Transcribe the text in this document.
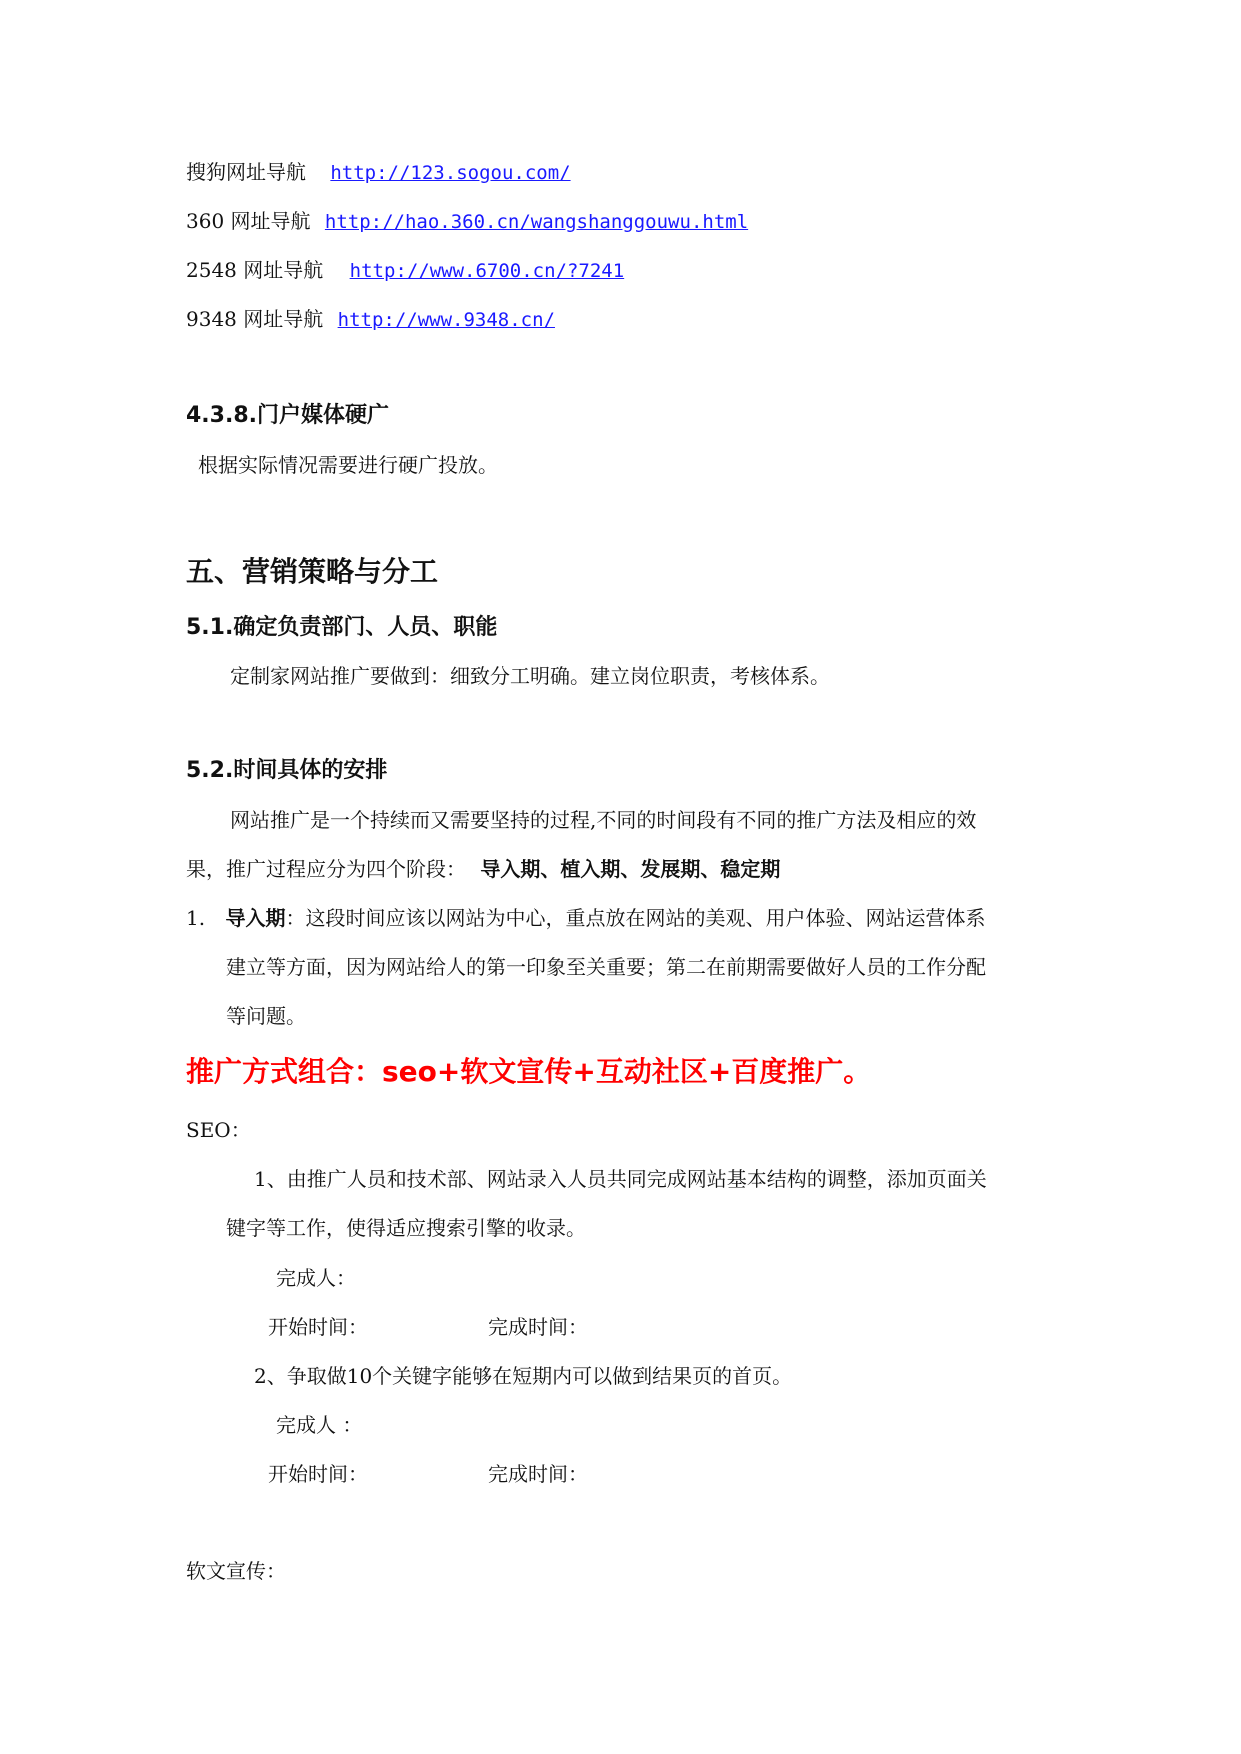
搜狗网址导航 http://123.sogou.com/
360 网址导航 http://hao.360.cn/wangshanggouwu.html
2548 网址导航 http://www.6700.cn/?7241
9348 网址导航 http://www.9348.cn/
4.3.8.门户媒体硬广
根据实际情况需要进行硬广投放。
五、营销策略与分工
5.1.确定负责部门、人员、职能
定制家网站推广要做到：细致分工明确。建立岗位职责，考核体系。
5.2.时间具体的安排
网站推广是一个持续而又需要坚持的过程,不同的时间段有不同的推广方法及相应的效
果，推广过程应分为四个阶段： 导入期、植入期、发展期、稳定期
1. 导入期：这段时间应该以网站为中心，重点放在网站的美观、用户体验、网站运营体系
建立等方面，因为网站给人的第一印象至关重要；第二在前期需要做好人员的工作分配
等问题。
推广方式组合：seo+软文宣传+互动社区+百度推广。
SEO：
1、由推广人员和技术部、网站录入人员共同完成网站基本结构的调整，添加页面关
键字等工作，使得适应搜索引擎的收录。
完成人：
开始时间：	完成时间：
2、争取做10个关键字能够在短期内可以做到结果页的首页。
完成人 ：
开始时间：	完成时间：
软文宣传：
